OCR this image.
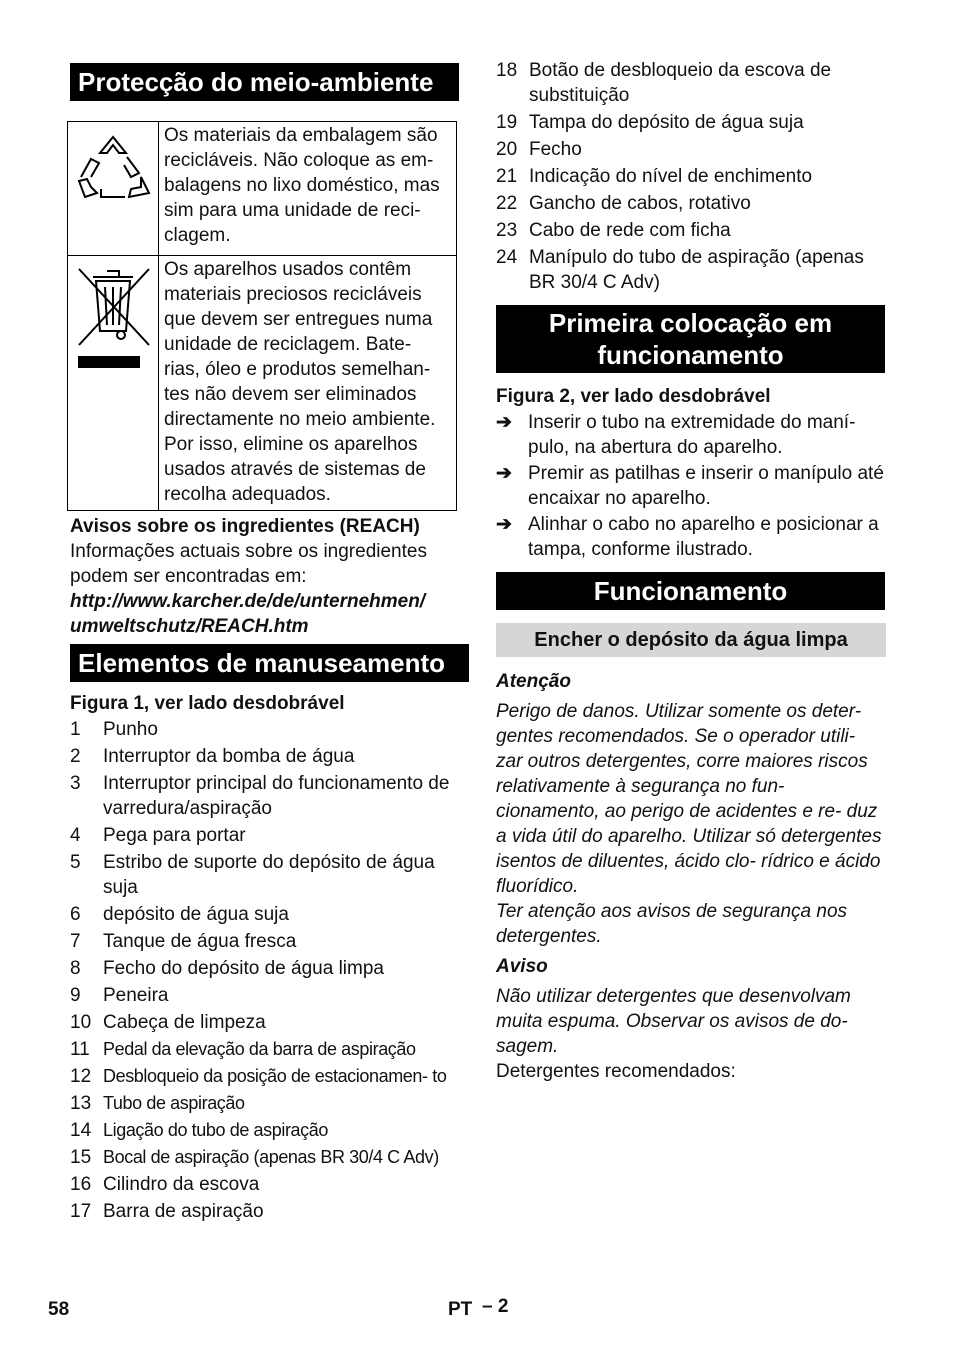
Protecção do meio-ambiente
	Os materiais da embalagem são recicláveis. Não coloque as em- balagens no lixo doméstico, mas sim para uma unidade de reci- clagem.
	Os aparelhos usados contêm materiais preciosos recicláveis que devem ser entregues numa unidade de reciclagem. Bate- rias, óleo e produtos semelhan- tes não devem ser eliminados directamente no meio ambiente. Por isso, elimine os aparelhos usados através de sistemas de recolha adequados.
Avisos sobre os ingredientes (REACH)
Informações actuais sobre os ingredientes podem ser encontradas em:
http://www.karcher.de/de/unternehmen/
umweltschutz/REACH.htm
Elementos de manuseamento
Figura 1, ver lado desdobrável
1	Punho
2	Interruptor da bomba de água
3	Interruptor principal do funcionamento de varredura/aspiração
4	Pega para portar
5	Estribo de suporte do depósito de água suja
6	depósito de água suja
7	Tanque de água fresca
8	Fecho do depósito de água limpa
9	Peneira
10 Cabeça de limpeza
11 Pedal da elevação da barra de aspiração
12 Desbloqueio da posição de estacionamen- to
13 Tubo de aspiração
14 Ligação do tubo de aspiração
15 Bocal de aspiração (apenas BR 30/4 C Adv)
16 Cilindro da escova
17 Barra de aspiração
18 Botão de desbloqueio da escova de substituição
19 Tampa do depósito de água suja
20 Fecho
21 Indicação do nível de enchimento
22 Gancho de cabos, rotativo
23 Cabo de rede com ficha
24 Manípulo do tubo de aspiração (apenas BR 30/4 C Adv)
Primeira colocação em funcionamento
Figura 2, ver lado desdobrável
➔ Inserir o tubo na extremidade do maní- pulo, na abertura do aparelho.
➔ Premir as patilhas e inserir o manípulo até encaixar no aparelho.
➔ Alinhar o cabo no aparelho e posicionar a tampa, conforme ilustrado.
Funcionamento
Encher o depósito da água limpa
Atenção
Perigo de danos. Utilizar somente os deter- gentes recomendados. Se o operador utili- zar outros detergentes, corre maiores riscos relativamente à segurança no fun- cionamento, ao perigo de acidentes e re- duz a vida útil do aparelho. Utilizar só detergentes isentos de diluentes, ácido clo- rídrico e ácido fluorídico.
Ter atenção aos avisos de segurança nos detergentes.
Aviso
Não utilizar detergentes que desenvolvam muita espuma. Observar os avisos de do- sagem.
Detergentes recomendados:
58	PT – 2
